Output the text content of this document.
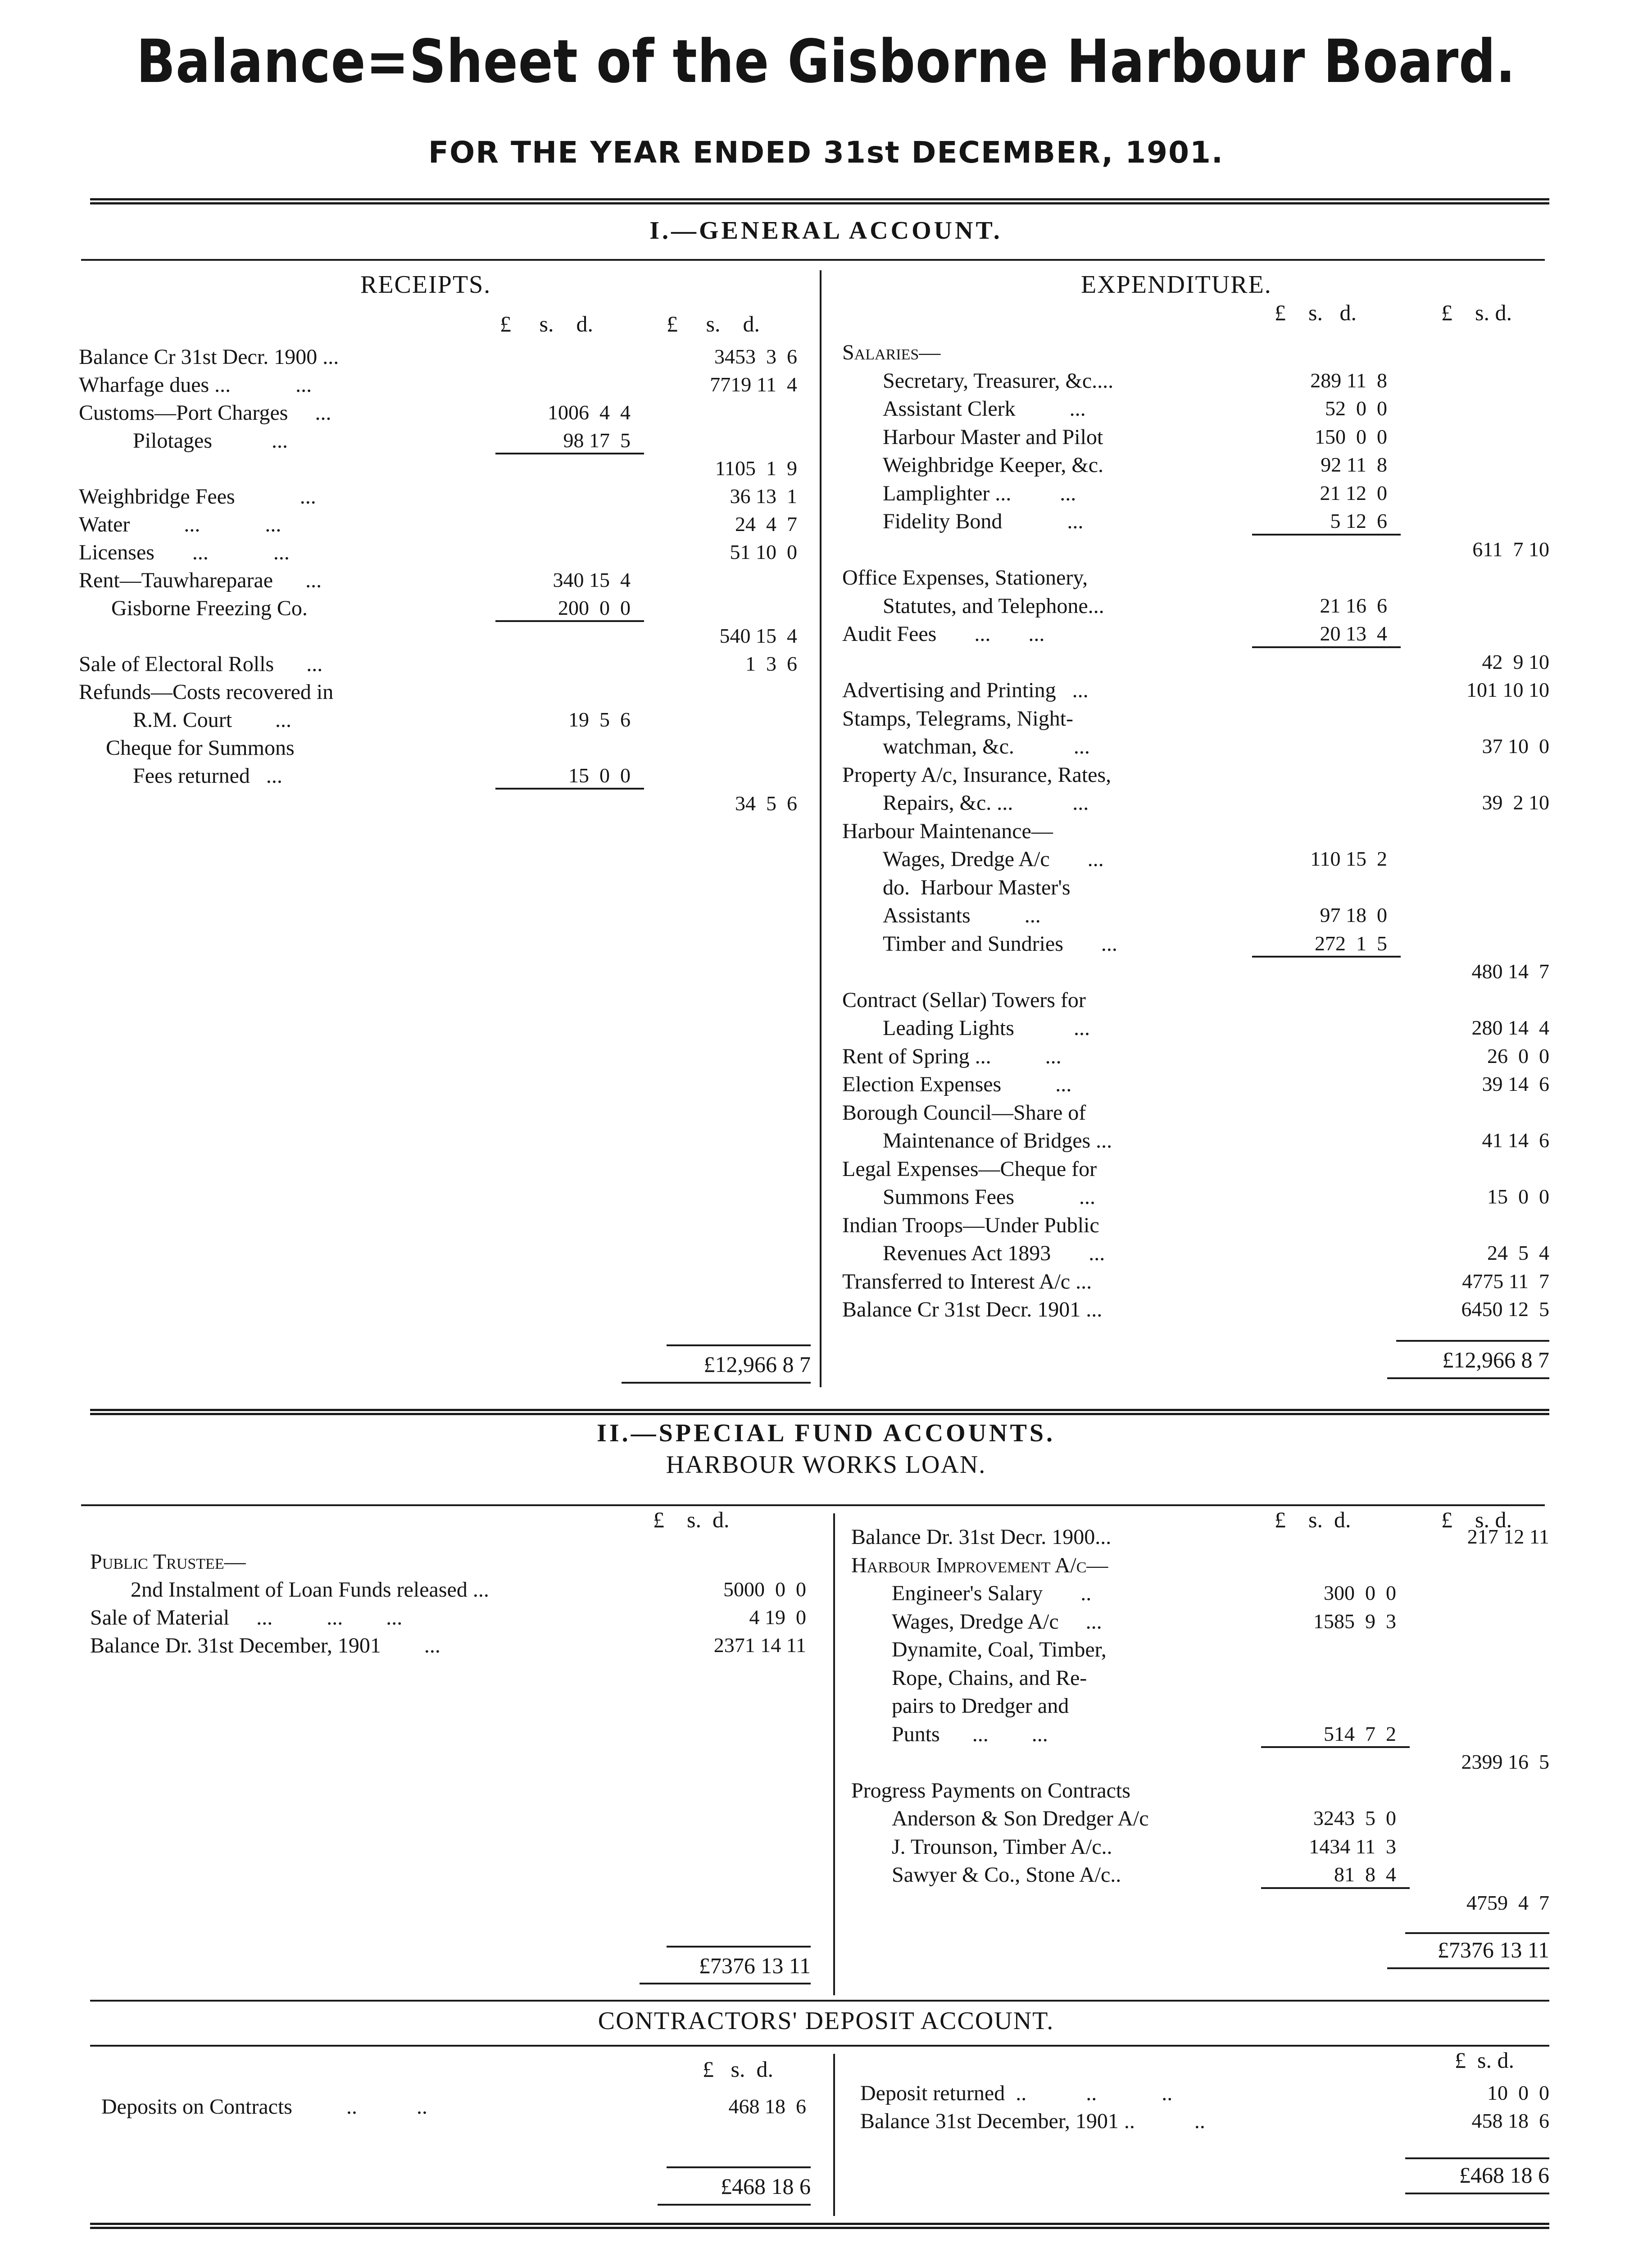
Balance=Sheet of the Gisborne Harbour Board.
FOR THE YEAR ENDED 31st DECEMBER, 1901.
I.—GENERAL ACCOUNT.
RECEIPTS.	EXPENDITURE.
£ s. d.	£ s. d.	£ s. d.	£ s. d.
Balance Cr 31st Decr. 1900 ...	3453  3  6
Wharfage dues ...            ...	7719 11  4
Customs—Port Charges     ...	1006  4  4
Pilotages           ...	98 17  5
1105  1  9
Weighbridge Fees            ...	36 13  1
Water          ...            ...	24  4  7
Licenses       ...            ...	51 10  0
Rent—Tauwhareparae      ...	340 15  4
Gisborne Freezing Co.	200  0  0
540 15  4
Sale of Electoral Rolls      ...	1  3  6
Refunds—Costs recovered in
R.M. Court        ...	19  5  6
Cheque for Summons
Fees returned   ...	15  0  0
34  5  6
Salaries—
Secretary, Treasurer, &c....	289 11  8
Assistant Clerk          ...	52  0  0
Harbour Master and Pilot	150  0  0
Weighbridge Keeper, &c.	92 11  8
Lamplighter ...         ...	21 12  0
Fidelity Bond            ...	5 12  6
611  7 10
Office Expenses, Stationery,
Statutes, and Telephone...	21 16  6
Audit Fees       ...       ...	20 13  4
42  9 10
Advertising and Printing   ...	101 10 10
Stamps, Telegrams, Night-
watchman, &c.           ...	37 10  0
Property A/c, Insurance, Rates,
Repairs, &c. ...           ...	39  2 10
Harbour Maintenance—
Wages, Dredge A/c       ...	110 15  2
do.  Harbour Master's
Assistants          ...	97 18  0
Timber and Sundries       ...	272  1  5
480 14  7
Contract (Sellar) Towers for
Leading Lights           ...	280 14  4
Rent of Spring ...          ...	26  0  0
Election Expenses          ...	39 14  6
Borough Council—Share of
Maintenance of Bridges ...	41 14  6
Legal Expenses—Cheque for
Summons Fees            ...	15  0  0
Indian Troops—Under Public
Revenues Act 1893       ...	24  5  4
Transferred to Interest A/c ...	4775 11  7
Balance Cr 31st Decr. 1901 ...	6450 12  5
£12,966 8 7	£12,966 8 7
II.—SPECIAL FUND ACCOUNTS.
HARBOUR WORKS LOAN.
£ s. d.	£ s. d.	£ s. d.
Public Trustee—
2nd Instalment of Loan Funds released ...	5000  0  0
Sale of Material     ...          ...        ...	4 19  0
Balance Dr. 31st December, 1901        ...	2371 14 11
Balance Dr. 31st Decr. 1900...	217 12 11
Harbour Improvement A/c—
Engineer's Salary       ..	300  0  0
Wages, Dredge A/c     ...	1585  9  3
Dynamite, Coal, Timber,
Rope, Chains, and Re-
pairs to Dredger and
Punts      ...        ...	514  7  2
2399 16  5
Progress Payments on Contracts
Anderson & Son Dredger A/c	3243  5  0
J. Trounson, Timber A/c..	1434 11  3
Sawyer & Co., Stone A/c..	81  8  4
4759  4  7
£7376 13 11
£7376 13 11
CONTRACTORS' DEPOSIT ACCOUNT.
£ s. d.	£ s. d.
Deposits on Contracts          ..           ..	468 18  6
Deposit returned  ..           ..            ..	10  0  0
Balance 31st December, 1901 ..           ..	458 18  6
£468 18 6	£468 18 6
